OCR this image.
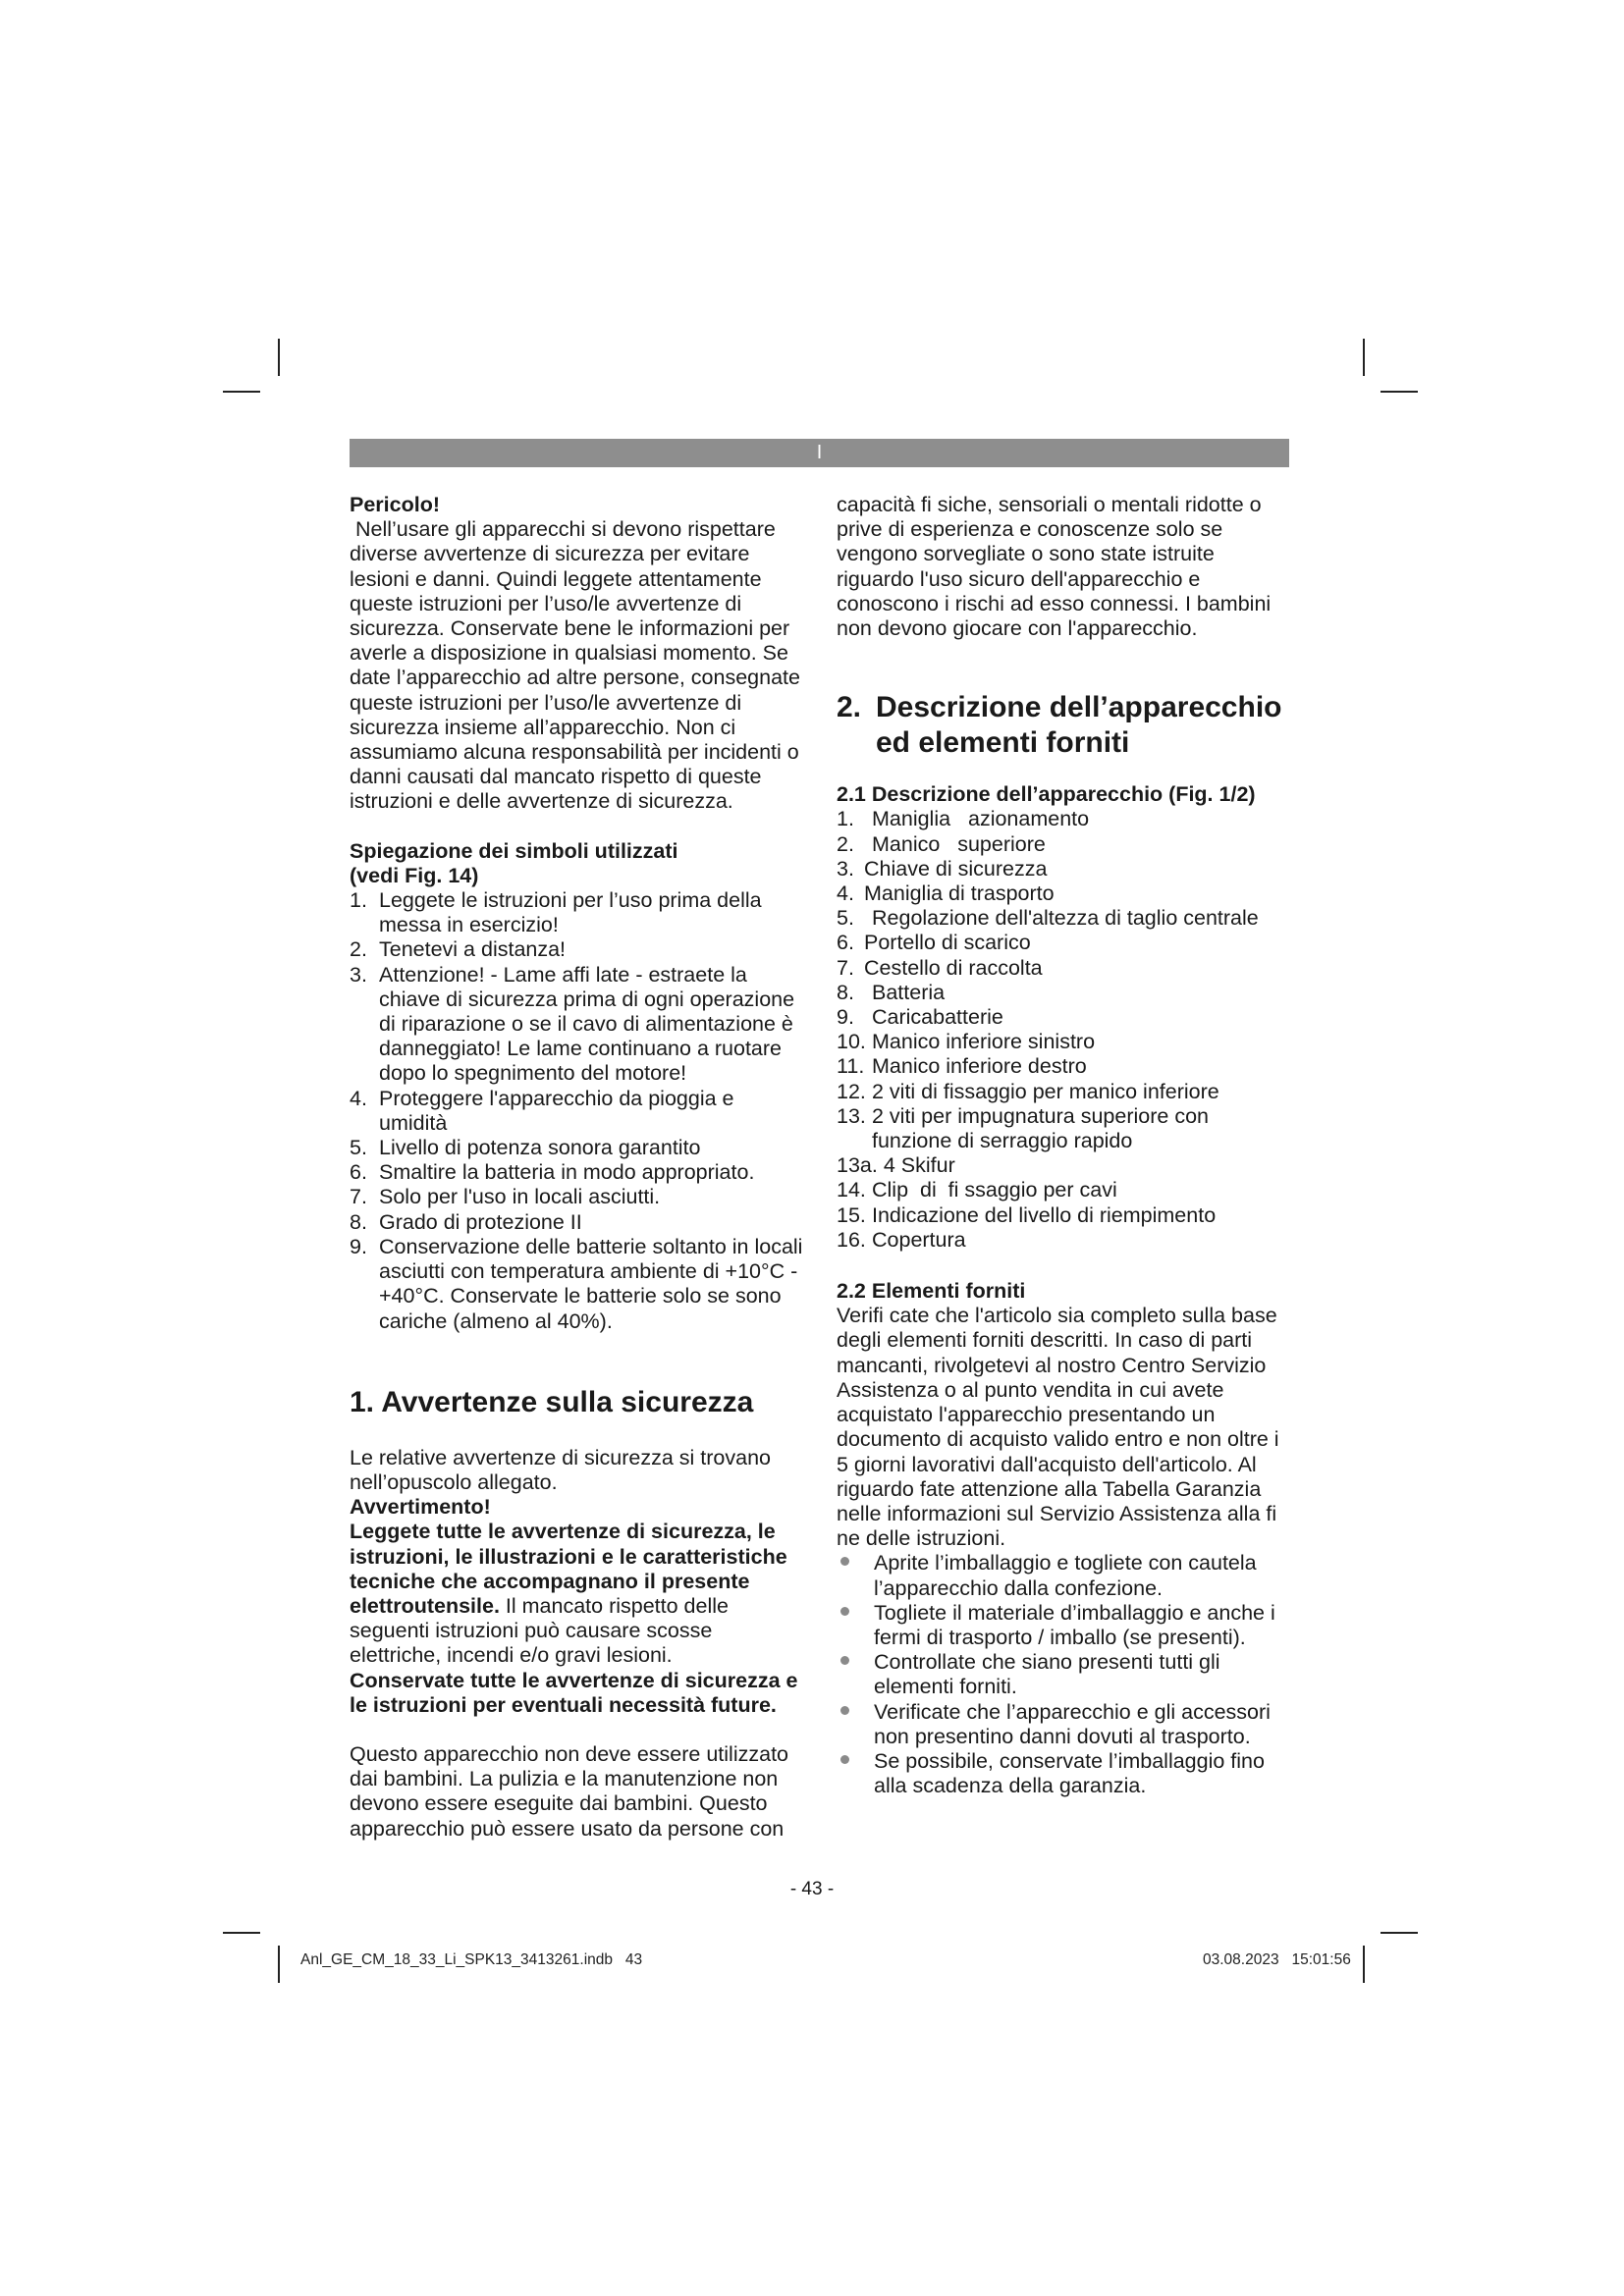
I

Pericolo!

Nell’usare gli apparecchi si devono rispettare diverse avvertenze di sicurezza per evitare lesioni e danni. Quindi leggete attentamente queste istruzioni per l’uso/le avvertenze di sicurezza. Conservate bene le informazioni per averle a disposizione in qualsiasi momento. Se date l’apparecchio ad altre persone, consegnate queste istruzioni per l’uso/le avvertenze di sicurezza insieme all’apparecchio. Non ci assumiamo alcuna responsabilità per incidenti o danni causati dal mancato rispetto di queste istruzioni e delle avvertenze di sicurezza.

Spiegazione dei simboli utilizzati

(vedi Fig. 14)

1. Leggete le istruzioni per l’uso prima della messa in esercizio!
2. Tenetevi a distanza!
3. Attenzione! - Lame affi late - estraete la chiave di sicurezza prima di ogni operazione di riparazione o se il cavo di alimentazione è danneggiato! Le lame continuano a ruotare dopo lo spegnimento del motore!
4. Proteggere l'apparecchio da pioggia e umidità
5. Livello di potenza sonora garantito
6. Smaltire la batteria in modo appropriato.
7. Solo per l'uso in locali asciutti.
8. Grado di protezione II
9. Conservazione delle batterie soltanto in locali asciutti con temperatura ambiente di +10°C - +40°C. Conservate le batterie solo se sono cariche (almeno al 40%).

1. Avvertenze sulla sicurezza

Le relative avvertenze di sicurezza si trovano nell’opuscolo allegato.

Avvertimento!

Leggete tutte le avvertenze di sicurezza, le istruzioni, le illustrazioni e le caratteristiche tecniche che accompagnano il presente elettroutensile. Il mancato rispetto delle seguenti istruzioni può causare scosse elettriche, incendi e/o gravi lesioni.

Conservate tutte le avvertenze di sicurezza e le istruzioni per eventuali necessità future.

Questo apparecchio non deve essere utilizzato dai bambini. La pulizia e la manutenzione non devono essere eseguite dai bambini. Questo apparecchio può essere usato da persone con

capacità fi siche, sensoriali o mentali ridotte o prive di esperienza e conoscenze solo se vengono sorvegliate o sono state istruite riguardo l'uso sicuro dell'apparecchio e conoscono i rischi ad esso connessi. I bambini non devono giocare con l'apparecchio.

2. Descrizione dell’apparecchio ed elementi forniti

2.1 Descrizione dell’apparecchio (Fig. 1/2)

1. Maniglia   azionamento
2. Manico   superiore
3. Chiave di sicurezza
4. Maniglia di trasporto
5. Regolazione dell'altezza di taglio centrale
6. Portello di scarico
7. Cestello di raccolta
8. Batteria
9. Caricabatterie
10. Manico inferiore sinistro
11. Manico inferiore destro
12. 2 viti di fissaggio per manico inferiore
13. 2 viti per impugnatura superiore con funzione di serraggio rapido
13a. 4 Skifur
14. Clip  di  fi ssaggio per cavi
15. Indicazione del livello di riempimento
16. Copertura

2.2 Elementi forniti

Verifi cate che l'articolo sia completo sulla base degli elementi forniti descritti. In caso di parti mancanti, rivolgetevi al nostro Centro Servizio Assistenza o al punto vendita in cui avete acquistato l'apparecchio presentando un documento di acquisto valido entro e non oltre i 5 giorni lavorativi dall'acquisto dell'articolo. Al riguardo fate attenzione alla Tabella Garanzia nelle informazioni sul Servizio Assistenza alla fi ne delle istruzioni.

Aprite l’imballaggio e togliete con cautela l’apparecchio dalla confezione.
Togliete il materiale d’imballaggio e anche i fermi di trasporto / imballo (se presenti).
Controllate che siano presenti tutti gli elementi forniti.
Verificate che l’apparecchio e gli accessori non presentino danni dovuti al trasporto.
Se possibile, conservate l’imballaggio fino alla scadenza della garanzia.
- 43 -
Anl_GE_CM_18_33_Li_SPK13_3413261.indb   43	03.08.2023   15:01:56
